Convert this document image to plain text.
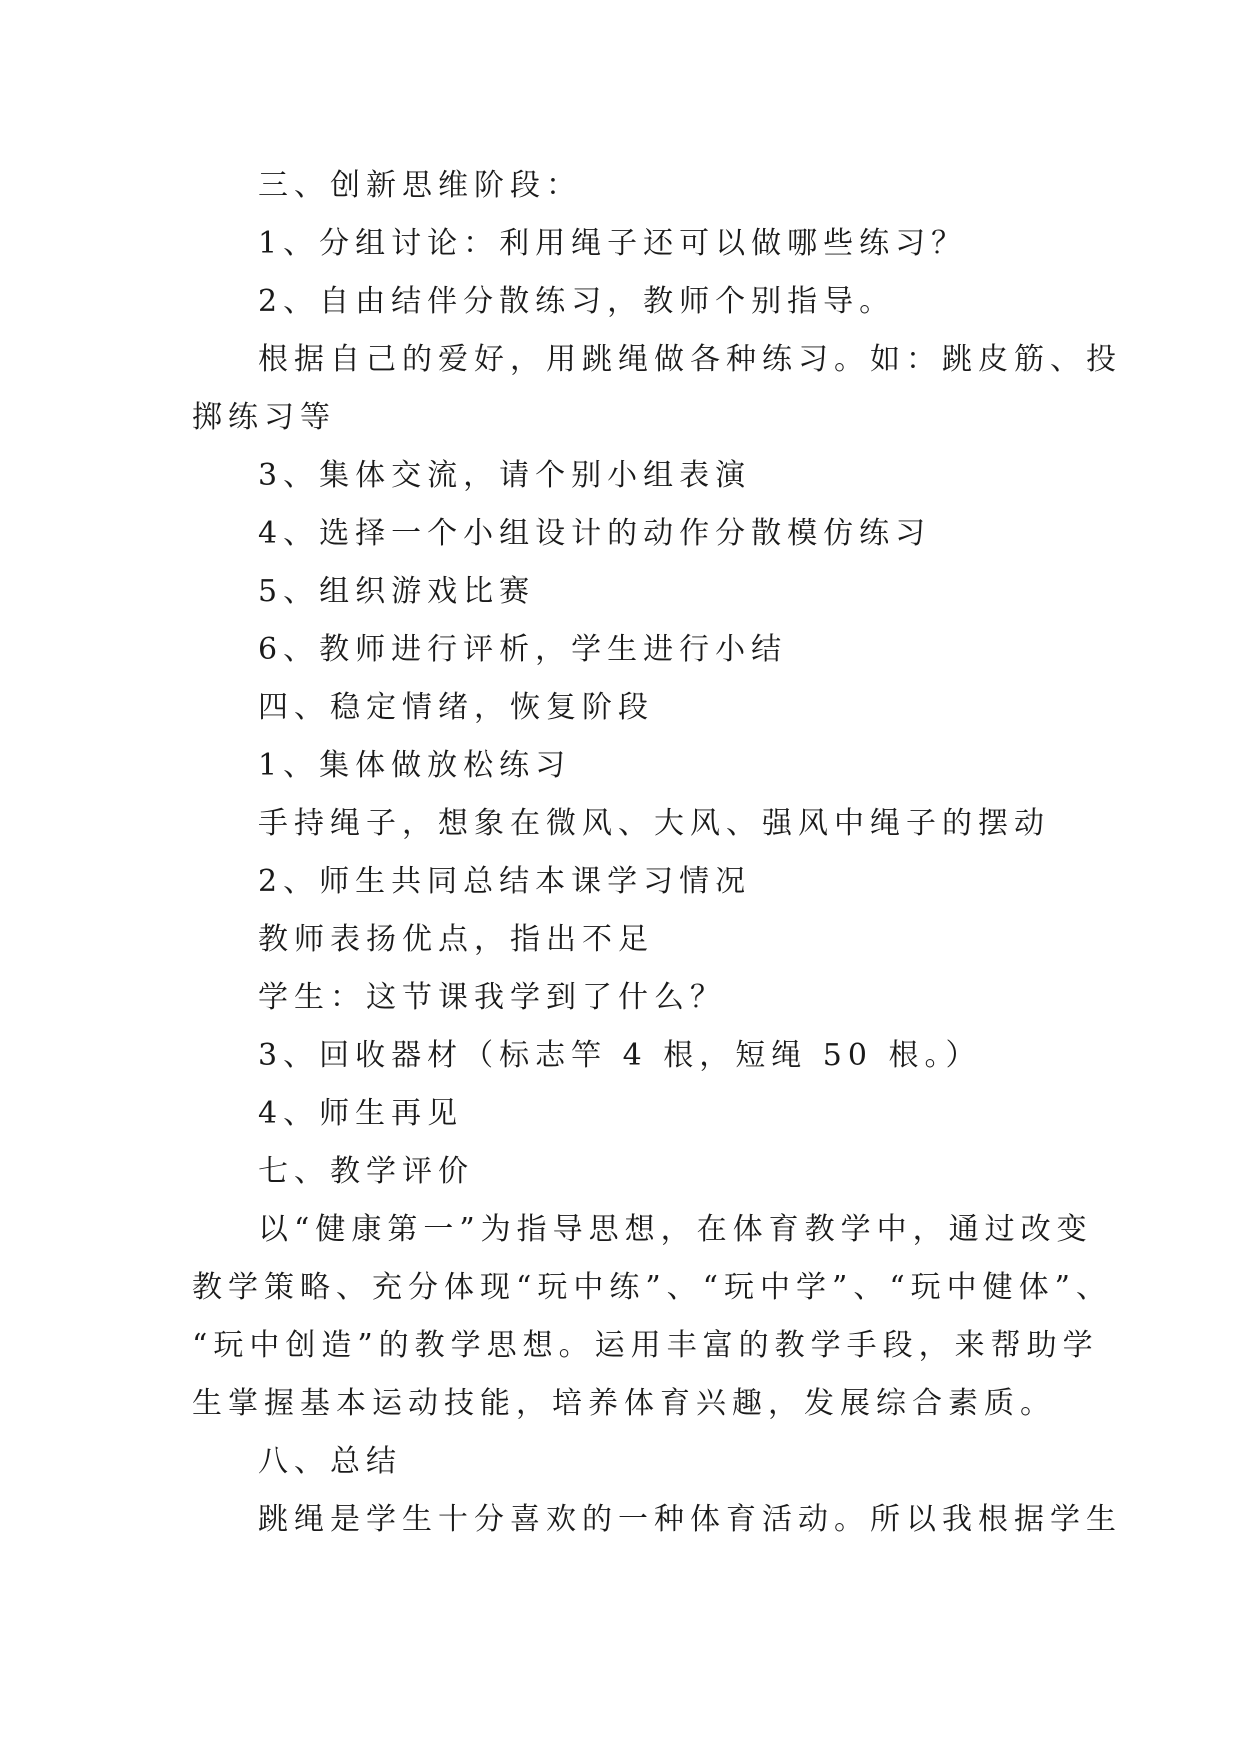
三、创新思维阶段：
1、分组讨论：利用绳子还可以做哪些练习？
2、自由结伴分散练习，教师个别指导。
根据自己的爱好，用跳绳做各种练习。如：跳皮筋、投
掷练习等
3、集体交流，请个别小组表演
4、选择一个小组设计的动作分散模仿练习
5、组织游戏比赛
6、教师进行评析，学生进行小结
四、稳定情绪，恢复阶段
1、集体做放松练习
手持绳子，想象在微风、大风、强风中绳子的摆动
2、师生共同总结本课学习情况
教师表扬优点，指出不足
学生：这节课我学到了什么？
3、回收器材（标志竿 4 根，短绳 50 根。）
4、师生再见
七、教学评价
以“健康第一”为指导思想，在体育教学中，通过改变
教学策略、充分体现“玩中练”、“玩中学”、“玩中健体”、
“玩中创造”的教学思想。运用丰富的教学手段，来帮助学
生掌握基本运动技能，培养体育兴趣，发展综合素质。
八、总结
跳绳是学生十分喜欢的一种体育活动。所以我根据学生
